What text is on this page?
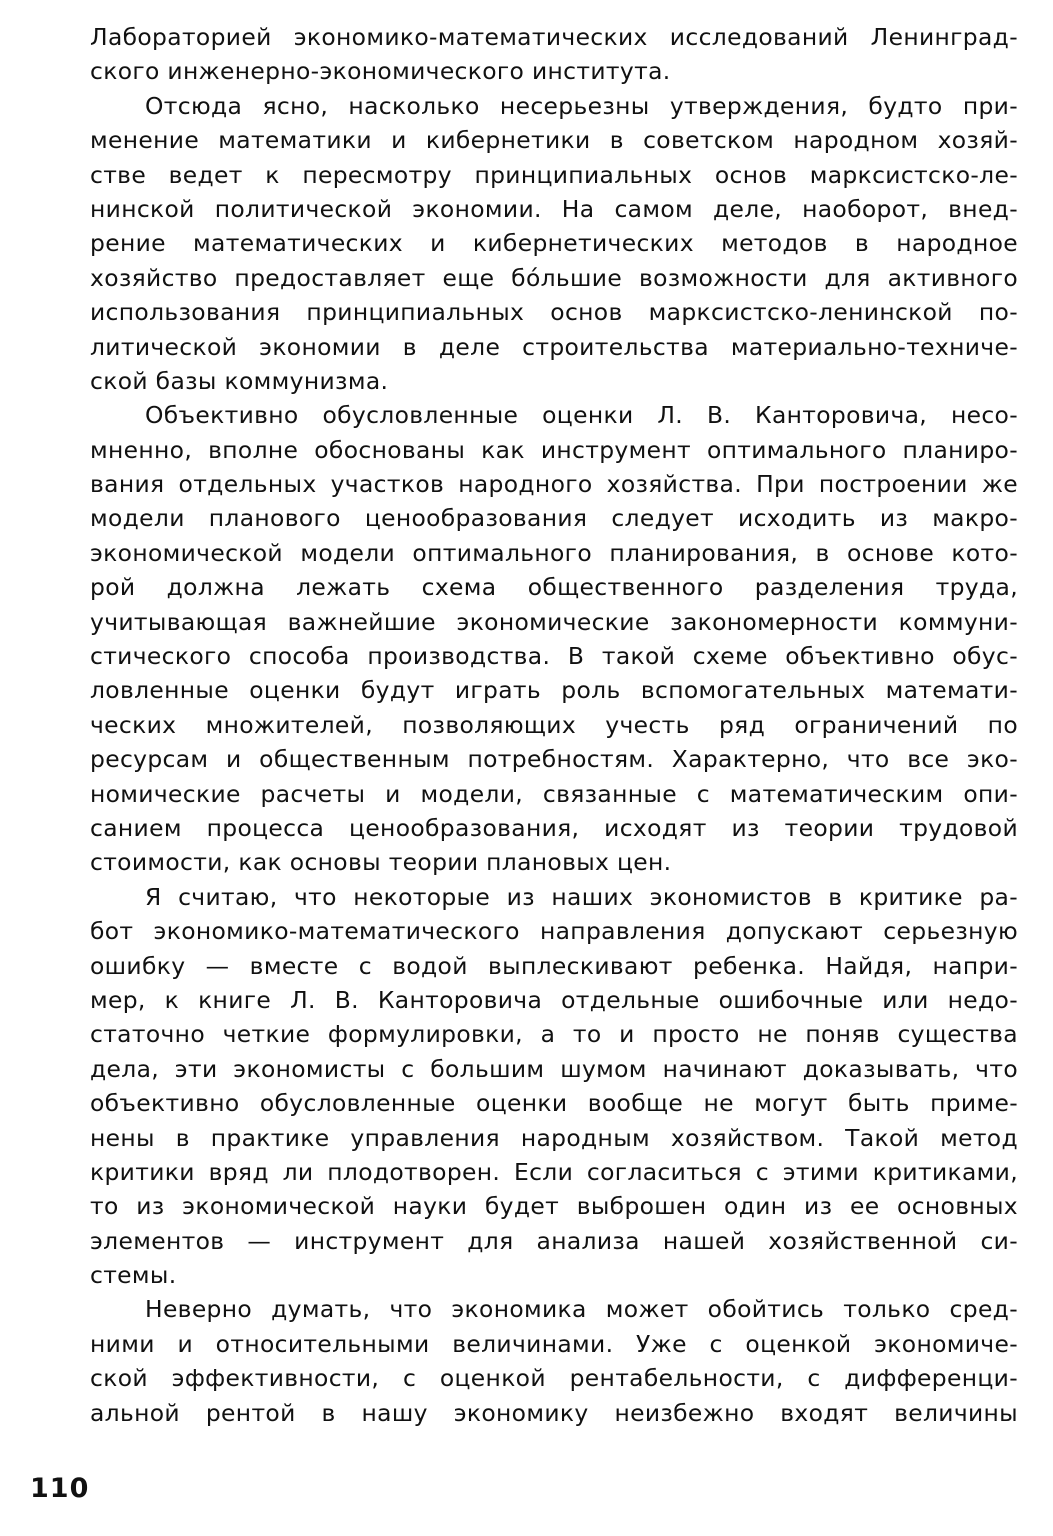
Лабораторией экономико-математических исследований Ленинград-
ского инженерно-экономического института.
Отсюда ясно, насколько несерьезны утверждения, будто при-
менение математики и кибернетики в советском народном хозяй-
стве ведет к пересмотру принципиальных основ марксистско-ле-
нинской политической экономии. На самом деле, наоборот, внед-
рение математических и кибернетических методов в народное
хозяйство предоставляет еще бо́льшие возможности для активного
использования принципиальных основ марксистско-ленинской по-
литической экономии в деле строительства материально-техниче-
ской базы коммунизма.
Объективно обусловленные оценки Л. В. Канторовича, несо-
мненно, вполне обоснованы как инструмент оптимального планиро-
вания отдельных участков народного хозяйства. При построении же
модели планового ценообразования следует исходить из макро-
экономической модели оптимального планирования, в основе кото-
рой должна лежать схема общественного разделения труда,
учитывающая важнейшие экономические закономерности коммуни-
стического способа производства. В такой схеме объективно обус-
ловленные оценки будут играть роль вспомогательных математи-
ческих множителей, позволяющих учесть ряд ограничений по
ресурсам и общественным потребностям. Характерно, что все эко-
номические расчеты и модели, связанные с математическим опи-
санием процесса ценообразования, исходят из теории трудовой
стоимости, как основы теории плановых цен.
Я считаю, что некоторые из наших экономистов в критике ра-
бот экономико-математического направления допускают серьезную
ошибку — вместе с водой выплескивают ребенка. Найдя, напри-
мер, к книге Л. В. Канторовича отдельные ошибочные или недо-
статочно четкие формулировки, а то и просто не поняв существа
дела, эти экономисты с большим шумом начинают доказывать, что
объективно обусловленные оценки вообще не могут быть приме-
нены в практике управления народным хозяйством. Такой метод
критики вряд ли плодотворен. Если согласиться с этими критиками,
то из экономической науки будет выброшен один из ее основных
элементов — инструмент для анализа нашей хозяйственной си-
стемы.
Неверно думать, что экономика может обойтись только сред-
ними и относительными величинами. Уже с оценкой экономиче-
ской эффективности, с оценкой рентабельности, с дифференци-
альной рентой в нашу экономику неизбежно входят величины
110
